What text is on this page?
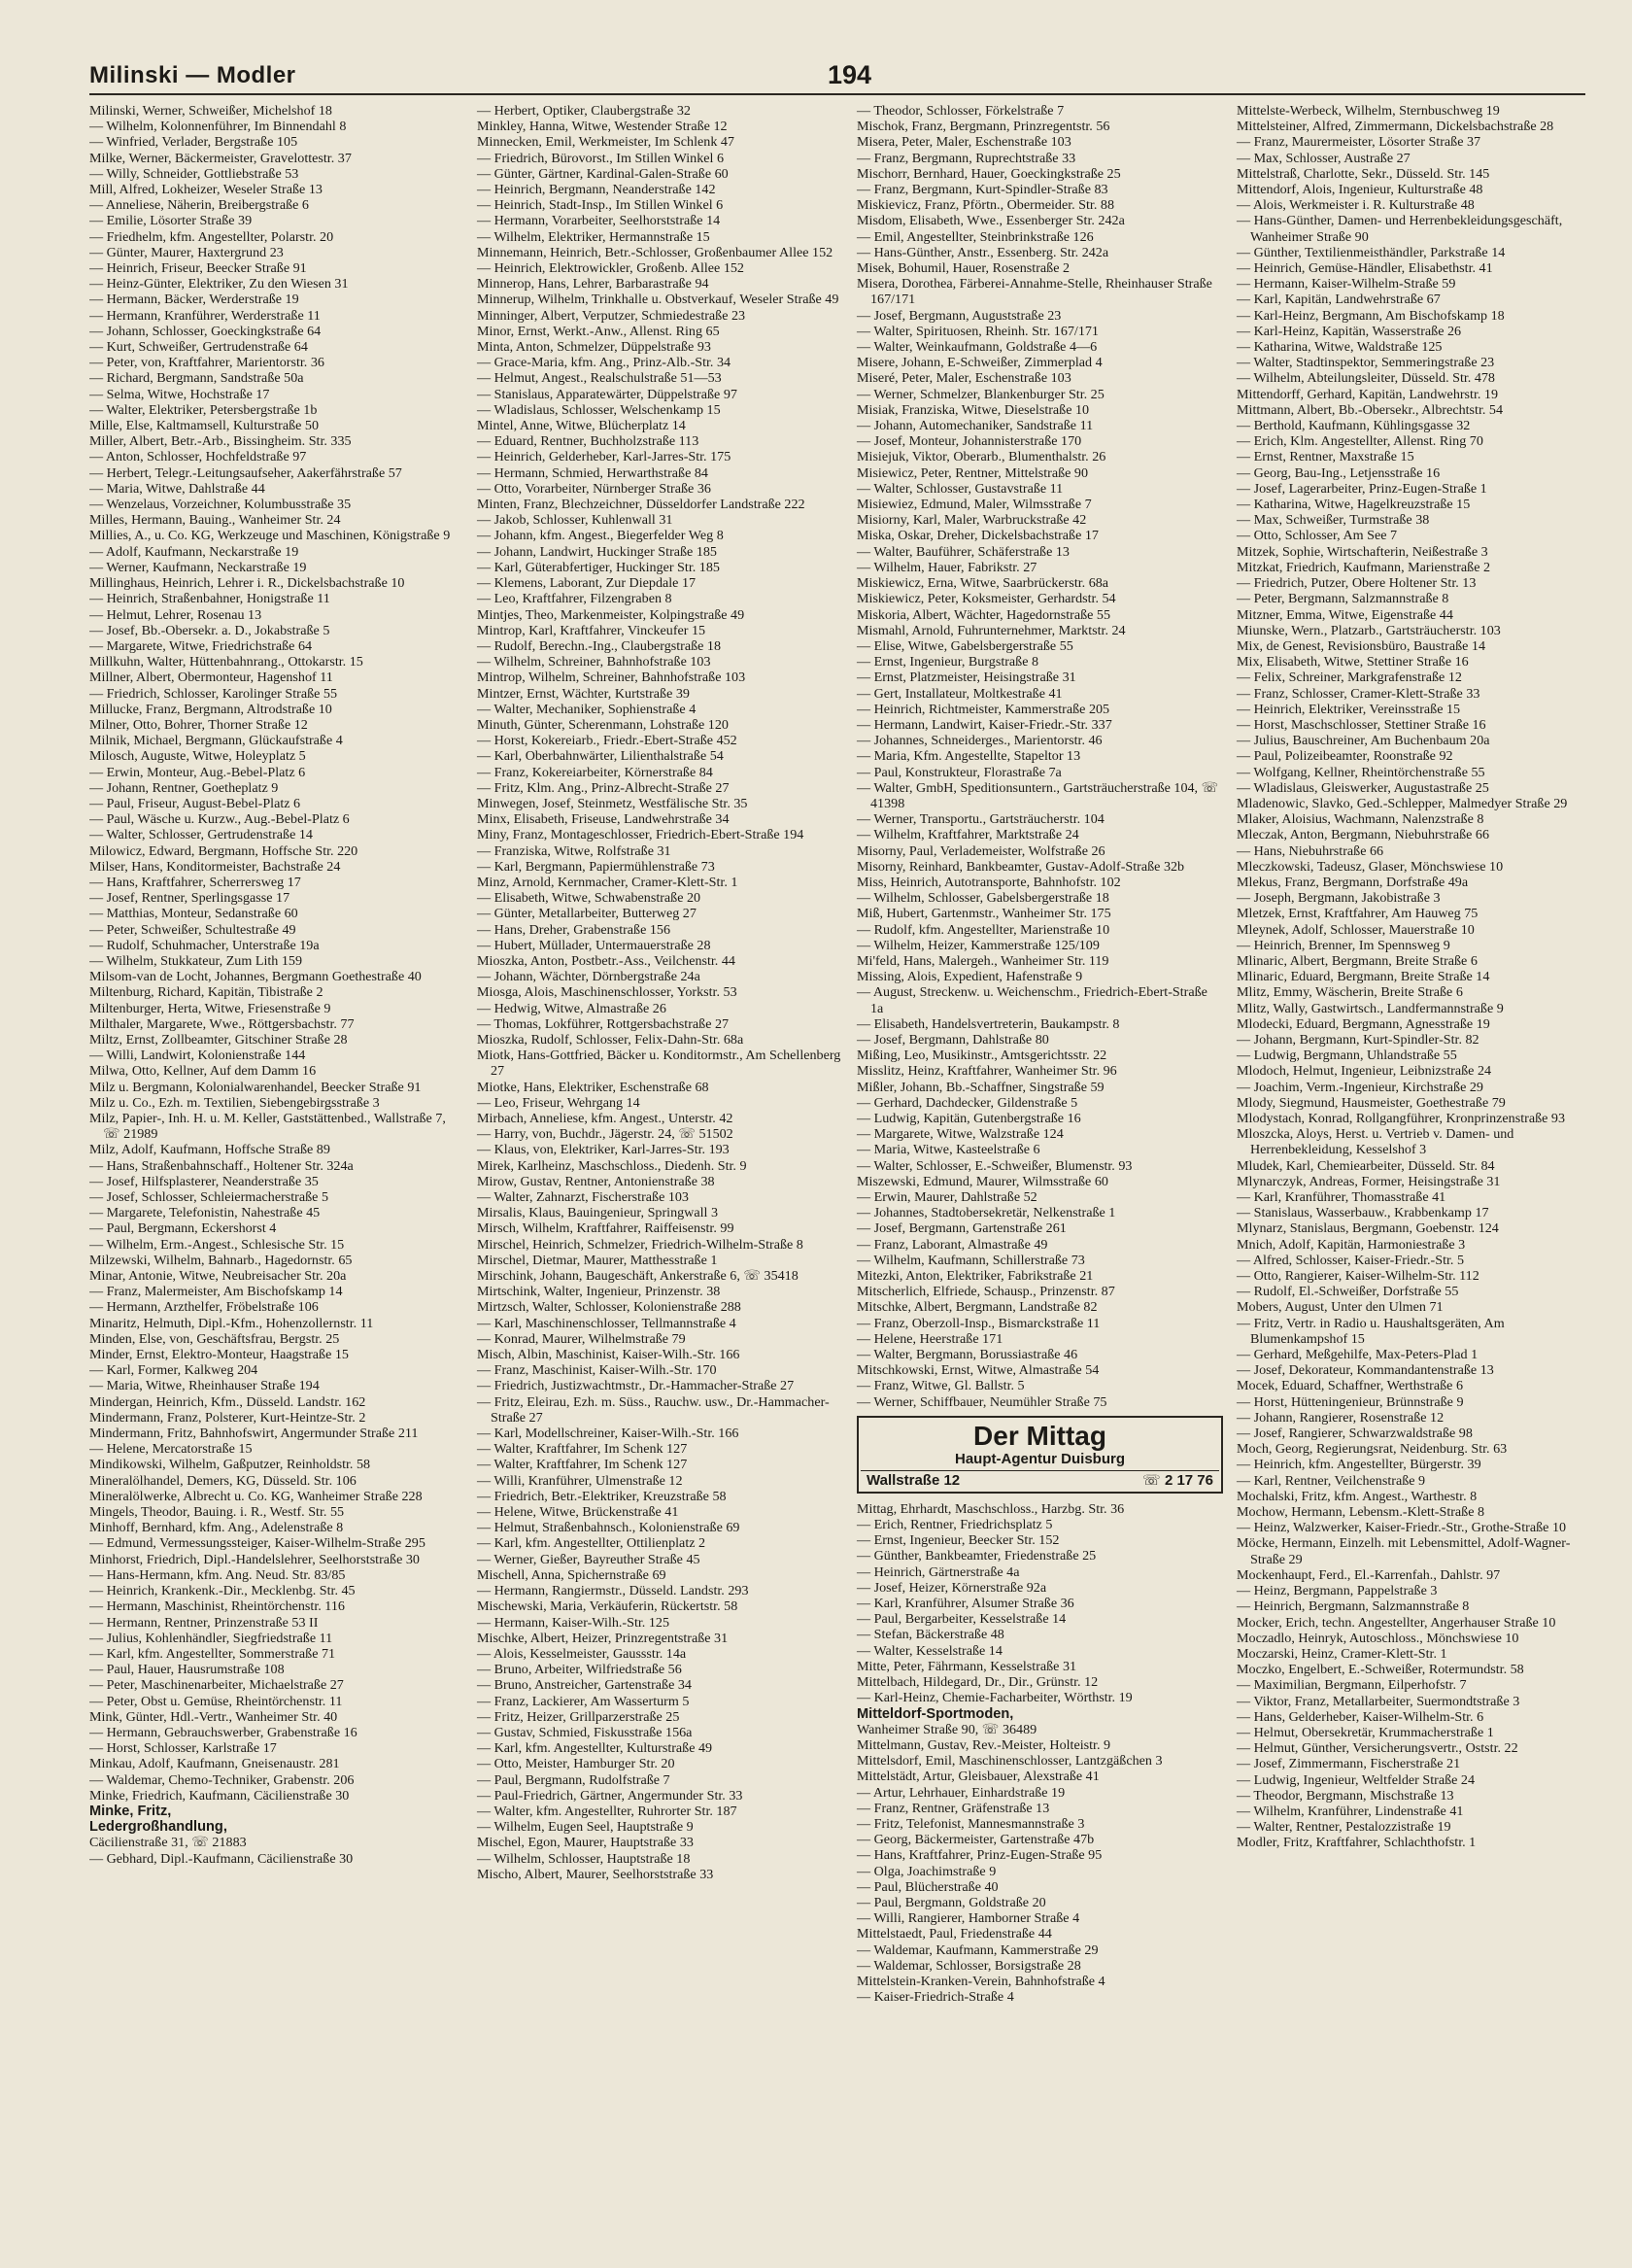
Milinski — Modler	194
Milinski, Werner, Schweißer, Michelshof 18
— Wilhelm, Kolonnenführer, Im Binnendahl 8
— Winfried, Verlader, Bergstraße 105
Milke, Werner, Bäckermeister, Gravelottestr. 37
— Willy, Schneider, Gottliebstraße 53
Mill, Alfred, Lokheizer, Weseler Straße 13
— Anneliese, Näherin, Breibergstraße 6
— Emilie, Lösorter Straße 39
— Friedhelm, kfm. Angestellter, Polarstr. 20
— Günter, Maurer, Haxtergrund 23
— Heinrich, Friseur, Beecker Straße 91
— Heinz-Günter, Elektriker, Zu den Wiesen 31
— Hermann, Bäcker, Werderstraße 19
— Hermann, Kranführer, Werderstraße 11
— Johann, Schlosser, Goeckingkstraße 64
— Kurt, Schweißer, Gertrudenstraße 64
— Peter, von, Kraftfahrer, Marientorstr. 36
— Richard, Bergmann, Sandstraße 50a
— Selma, Witwe, Hochstraße 17
— Walter, Elektriker, Petersbergstraße 1b
Mille, Else, Kaltmamsell, Kulturstraße 50
Miller, Albert, Betr.-Arb., Bissingheim. Str. 335
— Anton, Schlosser, Hochfeldstraße 97
— Herbert, Telegr.-Leitungsaufseher, Aakerfährstraße 57
— Maria, Witwe, Dahlstraße 44
— Wenzelaus, Vorzeichner, Kolumbusstraße 35
Milles, Hermann, Bauing., Wanheimer Str. 24
Millies, A., u. Co. KG, Werkzeuge und Maschinen, Königstraße 9
— Adolf, Kaufmann, Neckarstraße 19
— Werner, Kaufmann, Neckarstraße 19
Millinghaus, Heinrich, Lehrer i. R., Dickelsbachstraße 10
— Heinrich, Straßenbahner, Honigstraße 11
— Helmut, Lehrer, Rosenau 13
— Josef, Bb.-Obersekr. a. D., Jokabstraße 5
— Margarete, Witwe, Friedrichstraße 64
Millkuhn, Walter, Hüttenbahnrang., Ottokarstr. 15
Millner, Albert, Obermonteur, Hagenshof 11
— Friedrich, Schlosser, Karolinger Straße 55
Millucke, Franz, Bergmann, Altrodstraße 10
Milner, Otto, Bohrer, Thorner Straße 12
Milnik, Michael, Bergmann, Glückaufstraße 4
Milosch, Auguste, Witwe, Holeyplatz 5
— Erwin, Monteur, Aug.-Bebel-Platz 6
— Johann, Rentner, Goetheplatz 9
— Paul, Friseur, August-Bebel-Platz 6
— Paul, Wäsche u. Kurzw., Aug.-Bebel-Platz 6
— Walter, Schlosser, Gertrudenstraße 14
Milowicz, Edward, Bergmann, Hoffsche Str. 220
Milser, Hans, Konditormeister, Bachstraße 24
— Hans, Kraftfahrer, Scherrersweg 17
— Josef, Rentner, Sperlingsgasse 17
— Matthias, Monteur, Sedanstraße 60
— Peter, Schweißer, Schultestraße 49
— Rudolf, Schuhmacher, Unterstraße 19a
— Wilhelm, Stukkateur, Zum Lith 159
Milsom-van de Locht, Johannes, Bergmann Goethestraße 40
Miltenburg, Richard, Kapitän, Tibistraße 2
Miltenburger, Herta, Witwe, Friesenstraße 9
Milthaler, Margarete, Wwe., Röttgersbachstr. 77
Miltz, Ernst, Zollbeamter, Gitschiner Straße 28
— Willi, Landwirt, Kolonienstraße 144
Milwa, Otto, Kellner, Auf dem Damm 16
Milz u. Bergmann, Kolonialwarenhandel, Beecker Straße 91
Milz u. Co., Ezh. m. Textilien, Siebengebirgsstraße 3
Milz, Papier-, Inh. H. u. M. Keller, Gaststättenbed., Wallstraße 7, ☏ 21989
Milz, Adolf, Kaufmann, Hoffsche Straße 89
— Hans, Straßenbahnschaff., Holtener Str. 324a
— Josef, Hilfsplasterer, Neanderstraße 35
— Josef, Schlosser, Schleiermacherstraße 5
— Margarete, Telefonistin, Nahestraße 45
— Paul, Bergmann, Eckershorst 4
— Wilhelm, Erm.-Angest., Schlesische Str. 15
Milzewski, Wilhelm, Bahnarb., Hagedornstr. 65
Minar, Antonie, Witwe, Neubreisacher Str. 20a
— Franz, Malermeister, Am Bischofskamp 14
— Hermann, Arzthelfer, Fröbelstraße 106
Minaritz, Helmuth, Dipl.-Kfm., Hohenzollernstr. 11
Minden, Else, von, Geschäftsfrau, Bergstr. 25
Minder, Ernst, Elektro-Monteur, Haagstraße 15
— Karl, Former, Kalkweg 204
— Maria, Witwe, Rheinhauser Straße 194
Mindergan, Heinrich, Kfm., Düsseld. Landstr. 162
Mindermann, Franz, Polsterer, Kurt-Heintze-Str. 2
Mindermann, Fritz, Bahnhofswirt, Angermunder Straße 211
— Helene, Mercatorstraße 15
Mindikowski, Wilhelm, Gaßputzer, Reinholdstr. 58
Mineralölhandel, Demers, KG, Düsseld. Str. 106
Mineralölwerke, Albrecht u. Co. KG, Wanheimer Straße 228
Mingels, Theodor, Bauing. i. R., Westf. Str. 55
Minhoff, Bernhard, kfm. Ang., Adelenstraße 8
— Edmund, Vermessungssteiger, Kaiser-Wilhelm-Straße 295
Minhorst, Friedrich, Dipl.-Handelslehrer, Seelhorststraße 30
— Hans-Hermann, kfm. Ang. Neud. Str. 83/85
— Heinrich, Krankenk.-Dir., Mecklenbg. Str. 45
— Hermann, Maschinist, Rheintörchenstr. 116
— Hermann, Rentner, Prinzenstraße 53 II
— Julius, Kohlenhändler, Siegfriedstraße 11
— Karl, kfm. Angestellter, Sommerstraße 71
— Paul, Hauer, Hausrumstraße 108
— Peter, Maschinenarbeiter, Michaelstraße 27
— Peter, Obst u. Gemüse, Rheintörchenstr. 11
Mink, Günter, Hdl.-Vertr., Wanheimer Str. 40
— Hermann, Gebrauchswerber, Grabenstraße 16
— Horst, Schlosser, Karlstraße 17
Minkau, Adolf, Kaufmann, Gneisenaustr. 281
— Waldemar, Chemo-Techniker, Grabenstr. 206
Minke, Friedrich, Kaufmann, Cäcilienstraße 30
Minke, Fritz,
Ledergroßhandlung,
Cäcilienstraße 31, ☏ 21883
— Gebhard, Dipl.-Kaufmann, Cäcilienstraße 30
— Herbert, Optiker, Claubergstraße 32
Minkley, Hanna, Witwe, Westender Straße 12
Minnecken, Emil, Werkmeister, Im Schlenk 47
— Friedrich, Bürovorst., Im Stillen Winkel 6
— Günter, Gärtner, Kardinal-Galen-Straße 60
— Heinrich, Bergmann, Neanderstraße 142
— Heinrich, Stadt-Insp., Im Stillen Winkel 6
— Hermann, Vorarbeiter, Seelhorststraße 14
— Wilhelm, Elektriker, Hermannstraße 15
Minnemann, Heinrich, Betr.-Schlosser, Großenbaumer Allee 152
— Heinrich, Elektrowickler, Großenb. Allee 152
Minnerop, Hans, Lehrer, Barbarastraße 94
Minnerup, Wilhelm, Trinkhalle u. Obstverkauf, Weseler Straße 49
Minninger, Albert, Verputzer, Schmiedestraße 23
Minor, Ernst, Werkt.-Anw., Allenst. Ring 65
Minta, Anton, Schmelzer, Düppelstraße 93
— Grace-Maria, kfm. Ang., Prinz-Alb.-Str. 34
— Helmut, Angest., Realschulstraße 51—53
— Stanislaus, Apparatewärter, Düppelstraße 97
— Wladislaus, Schlosser, Welschenkamp 15
Mintel, Anne, Witwe, Blücherplatz 14
— Eduard, Rentner, Buchholzstraße 113
— Heinrich, Gelderheber, Karl-Jarres-Str. 175
— Hermann, Schmied, Herwarthstraße 84
— Otto, Vorarbeiter, Nürnberger Straße 36
Minten, Franz, Blechzeichner, Düsseldorfer Landstraße 222
— Jakob, Schlosser, Kuhlenwall 31
— Johann, kfm. Angest., Biegerfelder Weg 8
— Johann, Landwirt, Huckinger Straße 185
— Karl, Güterabfertiger, Huckinger Str. 185
— Klemens, Laborant, Zur Diepdale 17
— Leo, Kraftfahrer, Filzengraben 8
Mintjes, Theo, Markenmeister, Kolpingstraße 49
Mintrop, Karl, Kraftfahrer, Vinckeufer 15
— Rudolf, Berechn.-Ing., Claubergstraße 18
— Wilhelm, Schreiner, Bahnhofstraße 103
Mintrop, Wilhelm, Schreiner, Bahnhofstraße 103
Mintzer, Ernst, Wächter, Kurtstraße 39
— Walter, Mechaniker, Sophienstraße 4
Minuth, Günter, Scherenmann, Lohstraße 120
— Horst, Kokereiarb., Friedr.-Ebert-Straße 452
— Karl, Oberbahnwärter, Lilienthalstraße 54
— Franz, Kokereiarbeiter, Körnerstraße 84
— Fritz, Klm. Ang., Prinz-Albrecht-Straße 27
Minwegen, Josef, Steinmetz, Westfälische Str. 35
Minx, Elisabeth, Friseuse, Landwehrstraße 34
Miny, Franz, Montageschlosser, Friedrich-Ebert-Straße 194
— Franziska, Witwe, Rolfstraße 31
— Karl, Bergmann, Papiermühlenstraße 73
Minz, Arnold, Kernmacher, Cramer-Klett-Str. 1
— Elisabeth, Witwe, Schwabenstraße 20
— Günter, Metallarbeiter, Butterweg 27
— Hans, Dreher, Grabenstraße 156
— Hubert, Müllader, Untermauerstraße 28
Mioszka, Anton, Postbetr.-Ass., Veilchenstr. 44
— Johann, Wächter, Dörnbergstraße 24a
Miosga, Alois, Maschinenschlosser, Yorkstr. 53
— Hedwig, Witwe, Almastraße 26
— Thomas, Lokführer, Rottgersbachstraße 27
Mioszka, Rudolf, Schlosser, Felix-Dahn-Str. 68a
Miotk, Hans-Gottfried, Bäcker u. Konditormstr., Am Schellenberg 27
Miotke, Hans, Elektriker, Eschenstraße 68
— Leo, Friseur, Wehrgang 14
Mirbach, Anneliese, kfm. Angest., Unterstr. 42
— Harry, von, Buchdr., Jägerstr. 24, ☏ 51502
— Klaus, von, Elektriker, Karl-Jarres-Str. 193
Mirek, Karlheinz, Maschschloss., Diedenh. Str. 9
Mirow, Gustav, Rentner, Antonienstraße 38
— Walter, Zahnarzt, Fischerstraße 103
Mirsalis, Klaus, Bauingenieur, Springwall 3
Mirsch, Wilhelm, Kraftfahrer, Raiffeisenstr. 99
Mirschel, Heinrich, Schmelzer, Friedrich-Wilhelm-Straße 8
Mirschel, Dietmar, Maurer, Matthesstraße 1
Mirschink, Johann, Baugeschäft, Ankerstraße 6, ☏ 35418
Mirtschink, Walter, Ingenieur, Prinzenstr. 38
Mirtzsch, Walter, Schlosser, Kolonienstraße 288
— Karl, Maschinenschlosser, Tellmannstraße 4
— Konrad, Maurer, Wilhelmstraße 79
Misch, Albin, Maschinist, Kaiser-Wilh.-Str. 166
— Franz, Maschinist, Kaiser-Wilh.-Str. 170
— Friedrich, Justizwachtmstr., Dr.-Hammacher-Straße 27
— Fritz, Eleirau, Ezh. m. Süss., Rauchw. usw., Dr.-Hammacher-Straße 27
— Karl, Modellschreiner, Kaiser-Wilh.-Str. 166
— Walter, Kraftfahrer, Im Schenk 127
— Walter, Kraftfahrer, Im Schenk 127
— Willi, Kranführer, Ulmenstraße 12
— Friedrich, Betr.-Elektriker, Kreuzstraße 58
— Helene, Witwe, Brückenstraße 41
— Helmut, Straßenbahnsch., Kolonienstraße 69
— Karl, kfm. Angestellter, Ottilienplatz 2
— Werner, Gießer, Bayreuther Straße 45
Mischell, Anna, Spichernstraße 69
— Hermann, Rangiermstr., Düsseld. Landstr. 293
Mischewski, Maria, Verkäuferin, Rückertstr. 58
— Hermann, Kaiser-Wilh.-Str. 125
Mischke, Albert, Heizer, Prinzregentstraße 31
— Alois, Kesselmeister, Gaussstr. 14a
— Bruno, Arbeiter, Wilfriedstraße 56
— Bruno, Anstreicher, Gartenstraße 34
— Franz, Lackierer, Am Wasserturm 5
— Fritz, Heizer, Grillparzerstraße 25
— Gustav, Schmied, Fiskusstraße 156a
— Karl, kfm. Angestellter, Kulturstraße 49
— Otto, Meister, Hamburger Str. 20
— Paul, Bergmann, Rudolfstraße 7
— Paul-Friedrich, Gärtner, Angermunder Str. 33
— Walter, kfm. Angestellter, Ruhrorter Str. 187
— Wilhelm, Eugen Seel, Hauptstraße 9
Mischel, Egon, Maurer, Hauptstraße 33
— Wilhelm, Schlosser, Hauptstraße 18
Mischo, Albert, Maurer, Seelhorststraße 33
— Theodor, Schlosser, Förkelstraße 7
Mischok, Franz, Bergmann, Prinzregentstr. 56
Misera, Peter, Maler, Eschenstraße 103
— Franz, Bergmann, Ruprechtstraße 33
Mischorr, Bernhard, Hauer, Goeckingkstraße 25
— Franz, Bergmann, Kurt-Spindler-Straße 83
Miskievicz, Franz, Pförtn., Obermeider. Str. 88
Misdom, Elisabeth, Wwe., Essenberger Str. 242a
— Emil, Angestellter, Steinbrinkstraße 126
— Hans-Günther, Anstr., Essenberg. Str. 242a
Misek, Bohumil, Hauer, Rosenstraße 2
Misera, Dorothea, Färberei-Annahme-Stelle, Rheinhauser Straße 167/171
— Josef, Bergmann, Auguststraße 23
— Walter, Spirituosen, Rheinh. Str. 167/171
— Walter, Weinkaufmann, Goldstraße 4—6
Misere, Johann, E-Schweißer, Zimmerplad 4
Miseré, Peter, Maler, Eschenstraße 103
— Werner, Schmelzer, Blankenburger Str. 25
Misiak, Franziska, Witwe, Dieselstraße 10
— Johann, Automechaniker, Sandstraße 11
— Josef, Monteur, Johannisterstraße 170
Misiejuk, Viktor, Oberarb., Blumenthalstr. 26
Misiewicz, Peter, Rentner, Mittelstraße 90
— Walter, Schlosser, Gustavstraße 11
Misiewiez, Edmund, Maler, Wilmsstraße 7
Misiorny, Karl, Maler, Warbruckstraße 42
Miska, Oskar, Dreher, Dickelsbachstraße 17
— Walter, Bauführer, Schäferstraße 13
— Wilhelm, Hauer, Fabrikstr. 27
Miskiewicz, Erna, Witwe, Saarbrückerstr. 68a
Miskiewicz, Peter, Koksmeister, Gerhardstr. 54
Miskoria, Albert, Wächter, Hagedornstraße 55
Mismahl, Arnold, Fuhrunternehmer, Marktstr. 24
— Elise, Witwe, Gabelsbergerstraße 55
— Ernst, Ingenieur, Burgstraße 8
— Ernst, Platzmeister, Heisingstraße 31
— Gert, Installateur, Moltkestraße 41
— Heinrich, Richtmeister, Kammerstraße 205
— Hermann, Landwirt, Kaiser-Friedr.-Str. 337
— Johannes, Schneiderges., Marientorstr. 46
— Maria, Kfm. Angestellte, Stapeltor 13
— Paul, Konstrukteur, Florastraße 7a
— Walter, GmbH, Speditionsuntern., Gartsträucherstraße 104, ☏ 41398
— Werner, Transportu., Gartsträucherstr. 104
— Wilhelm, Kraftfahrer, Marktstraße 24
Misorny, Paul, Verlademeister, Wolfstraße 26
Misorny, Reinhard, Bankbeamter, Gustav-Adolf-Straße 32b
Miss, Heinrich, Autotransporte, Bahnhofstr. 102
— Wilhelm, Schlosser, Gabelsbergerstraße 18
Miß, Hubert, Gartenmstr., Wanheimer Str. 175
— Rudolf, kfm. Angestellter, Marienstraße 10
— Wilhelm, Heizer, Kammerstraße 125/109
Mi'feld, Hans, Malergeh., Wanheimer Str. 119
Missing, Alois, Expedient, Hafenstraße 9
— August, Streckenw. u. Weichenschm., Friedrich-Ebert-Straße 1a
— Elisabeth, Handelsvertreterin, Baukampstr. 8
— Josef, Bergmann, Dahlstraße 80
Mißing, Leo, Musikinstr., Amtsgerichtsstr. 22
Misslitz, Heinz, Kraftfahrer, Wanheimer Str. 96
Mißler, Johann, Bb.-Schaffner, Singstraße 59
— Gerhard, Dachdecker, Gildenstraße 5
— Ludwig, Kapitän, Gutenbergstraße 16
— Margarete, Witwe, Walzstraße 124
— Maria, Witwe, Kasteelstraße 6
— Walter, Schlosser, E.-Schweißer, Blumenstr. 93
Miszewski, Edmund, Maurer, Wilmsstraße 60
— Erwin, Maurer, Dahlstraße 52
— Johannes, Stadtobersekretär, Nelkenstraße 1
— Josef, Bergmann, Gartenstraße 261
— Franz, Laborant, Almastraße 49
— Wilhelm, Kaufmann, Schillerstraße 73
Mitezki, Anton, Elektriker, Fabrikstraße 21
Mitscherlich, Elfriede, Schausp., Prinzenstr. 87
Mitschke, Albert, Bergmann, Landstraße 82
— Franz, Oberzoll-Insp., Bismarckstraße 11
— Helene, Heerstraße 171
— Walter, Bergmann, Borussiastraße 46
Mitschkowski, Ernst, Witwe, Almastraße 54
— Franz, Witwe, Gl. Ballstr. 5
— Werner, Schiffbauer, Neumühler Straße 75
Der Mittag
Haupt-Agentur Duisburg
Wallstraße 12	☏ 2 17 76
Mittag, Ehrhardt, Maschschloss., Harzbg. Str. 36
— Erich, Rentner, Friedrichsplatz 5
— Ernst, Ingenieur, Beecker Str. 152
— Günther, Bankbeamter, Friedenstraße 25
— Heinrich, Gärtnerstraße 4a
— Josef, Heizer, Körnerstraße 92a
— Karl, Kranführer, Alsumer Straße 36
— Paul, Bergarbeiter, Kesselstraße 14
— Stefan, Bäckerstraße 48
— Walter, Kesselstraße 14
Mitte, Peter, Fährmann, Kesselstraße 31
Mittelbach, Hildegard, Dr., Dir., Grünstr. 12
— Karl-Heinz, Chemie-Facharbeiter, Wörthstr. 19
Mitteldorf-Sportmoden,
Wanheimer Straße 90, ☏ 36489
Mittelmann, Gustav, Rev.-Meister, Holteistr. 9
Mittelsdorf, Emil, Maschinenschlosser, Lantzgäßchen 3
Mittelstädt, Artur, Gleisbauer, Alexstraße 41
— Artur, Lehrhauer, Einhardstraße 19
— Franz, Rentner, Gräfenstraße 13
— Fritz, Telefonist, Mannesmannstraße 3
— Georg, Bäckermeister, Gartenstraße 47b
— Hans, Kraftfahrer, Prinz-Eugen-Straße 95
— Olga, Joachimstraße 9
— Paul, Blücherstraße 40
— Paul, Bergmann, Goldstraße 20
— Willi, Rangierer, Hamborner Straße 4
Mittelstaedt, Paul, Friedenstraße 44
— Waldemar, Kaufmann, Kammerstraße 29
— Waldemar, Schlosser, Borsigstraße 28
Mittelstein-Kranken-Verein, Bahnhofstraße 4
— Kaiser-Friedrich-Straße 4
Mittelste-Werbeck, Wilhelm, Sternbuschweg 19
Mittelsteiner, Alfred, Zimmermann, Dickelsbachstraße 28
— Franz, Maurermeister, Lösorter Straße 37
— Max, Schlosser, Austraße 27
Mittelstraß, Charlotte, Sekr., Düsseld. Str. 145
Mittendorf, Alois, Ingenieur, Kulturstraße 48
— Alois, Werkmeister i. R. Kulturstraße 48
— Hans-Günther, Damen- und Herrenbekleidungsgeschäft, Wanheimer Straße 90
— Günther, Textilienmeisthändler, Parkstraße 14
— Heinrich, Gemüse-Händler, Elisabethstr. 41
— Hermann, Kaiser-Wilhelm-Straße 59
— Karl, Kapitän, Landwehrstraße 67
— Karl-Heinz, Bergmann, Am Bischofskamp 18
— Karl-Heinz, Kapitän, Wasserstraße 26
— Katharina, Witwe, Waldstraße 125
— Walter, Stadtinspektor, Semmeringstraße 23
— Wilhelm, Abteilungsleiter, Düsseld. Str. 478
Mittendorff, Gerhard, Kapitän, Landwehrstr. 19
Mittmann, Albert, Bb.-Obersekr., Albrechtstr. 54
— Berthold, Kaufmann, Kühlingsgasse 32
— Erich, Klm. Angestellter, Allenst. Ring 70
— Ernst, Rentner, Maxstraße 15
— Georg, Bau-Ing., Letjensstraße 16
— Josef, Lagerarbeiter, Prinz-Eugen-Straße 1
— Katharina, Witwe, Hagelkreuzstraße 15
— Max, Schweißer, Turmstraße 38
— Otto, Schlosser, Am See 7
Mitzek, Sophie, Wirtschafterin, Neißestraße 3
Mitzkat, Friedrich, Kaufmann, Marienstraße 2
— Friedrich, Putzer, Obere Holtener Str. 13
— Peter, Bergmann, Salzmannstraße 8
Mitzner, Emma, Witwe, Eigenstraße 44
Miunske, Wern., Platzarb., Gartsträucherstr. 103
Mix, de Genest, Revisionsbüro, Baustraße 14
Mix, Elisabeth, Witwe, Stettiner Straße 16
— Felix, Schreiner, Markgrafenstraße 12
— Franz, Schlosser, Cramer-Klett-Straße 33
— Heinrich, Elektriker, Vereinsstraße 15
— Horst, Maschschlosser, Stettiner Straße 16
— Julius, Bauschreiner, Am Buchenbaum 20a
— Paul, Polizeibeamter, Roonstraße 92
— Wolfgang, Kellner, Rheintörchenstraße 55
— Wladislaus, Gleiswerker, Augustastraße 25
Mladenowic, Slavko, Ged.-Schlepper, Malmedyer Straße 29
Mlaker, Aloisius, Wachmann, Nalenzstraße 8
Mleczak, Anton, Bergmann, Niebuhrstraße 66
— Hans, Niebuhrstraße 66
Mleczkowski, Tadeusz, Glaser, Mönchswiese 10
Mlekus, Franz, Bergmann, Dorfstraße 49a
— Joseph, Bergmann, Jakobistraße 3
Mletzek, Ernst, Kraftfahrer, Am Hauweg 75
Mleynek, Adolf, Schlosser, Mauerstraße 10
— Heinrich, Brenner, Im Spennsweg 9
Mlinaric, Albert, Bergmann, Breite Straße 6
Mlinaric, Eduard, Bergmann, Breite Straße 14
Mlitz, Emmy, Wäscherin, Breite Straße 6
Mlitz, Wally, Gastwirtsch., Landfermannstraße 9
Mlodecki, Eduard, Bergmann, Agnesstraße 19
— Johann, Bergmann, Kurt-Spindler-Str. 82
— Ludwig, Bergmann, Uhlandstraße 55
Mlodoch, Helmut, Ingenieur, Leibnizstraße 24
— Joachim, Verm.-Ingenieur, Kirchstraße 29
Mlody, Siegmund, Hausmeister, Goethestraße 79
Mlodystach, Konrad, Rollgangführer, Kronprinzenstraße 93
Mloszcka, Aloys, Herst. u. Vertrieb v. Damen- und Herrenbekleidung, Kesselshof 3
Mludek, Karl, Chemiearbeiter, Düsseld. Str. 84
Mlynarczyk, Andreas, Former, Heisingstraße 31
— Karl, Kranführer, Thomasstraße 41
— Stanislaus, Wasserbauw., Krabbenkamp 17
Mlynarz, Stanislaus, Bergmann, Goebenstr. 124
Mnich, Adolf, Kapitän, Harmoniestraße 3
— Alfred, Schlosser, Kaiser-Friedr.-Str. 5
— Otto, Rangierer, Kaiser-Wilhelm-Str. 112
— Rudolf, El.-Schweißer, Dorfstraße 55
Mobers, August, Unter den Ulmen 71
— Fritz, Vertr. in Radio u. Haushaltsgeräten, Am Blumenkampshof 15
— Gerhard, Meßgehilfe, Max-Peters-Plad 1
— Josef, Dekorateur, Kommandantenstraße 13
Mocek, Eduard, Schaffner, Werthstraße 6
— Horst, Hütteningenieur, Brünnstraße 9
— Johann, Rangierer, Rosenstraße 12
— Josef, Rangierer, Schwarzwaldstraße 98
Moch, Georg, Regierungsrat, Neidenburg. Str. 63
— Heinrich, kfm. Angestellter, Bürgerstr. 39
— Karl, Rentner, Veilchenstraße 9
Mochalski, Fritz, kfm. Angest., Warthestr. 8
Mochow, Hermann, Lebensm.-Klett-Straße 8
— Heinz, Walzwerker, Kaiser-Friedr.-Str., Grothe-Straße 10
Möcke, Hermann, Einzelh. mit Lebensmittel, Adolf-Wagner-Straße 29
Mockenhaupt, Ferd., El.-Karrenfah., Dahlstr. 97
— Heinz, Bergmann, Pappelstraße 3
— Heinrich, Bergmann, Salzmannstraße 8
Mocker, Erich, techn. Angestellter, Angerhauser Straße 10
Moczadlo, Heinryk, Autoschloss., Mönchswiese 10
Moczarski, Heinz, Cramer-Klett-Str. 1
Moczko, Engelbert, E.-Schweißer, Rotermundstr. 58
— Maximilian, Bergmann, Eilperhofstr. 7
— Viktor, Franz, Metallarbeiter, Suermondtstraße 3
— Hans, Gelderheber, Kaiser-Wilhelm-Str. 6
— Helmut, Obersekretär, Krummacherstraße 1
— Helmut, Günther, Versicherungsvertr., Oststr. 22
— Josef, Zimmermann, Fischerstraße 21
— Ludwig, Ingenieur, Weltfelder Straße 24
— Theodor, Bergmann, Mischstraße 13
— Wilhelm, Kranführer, Lindenstraße 41
— Walter, Rentner, Pestalozzistraße 19
Modler, Fritz, Kraftfahrer, Schlachthofstr. 1
